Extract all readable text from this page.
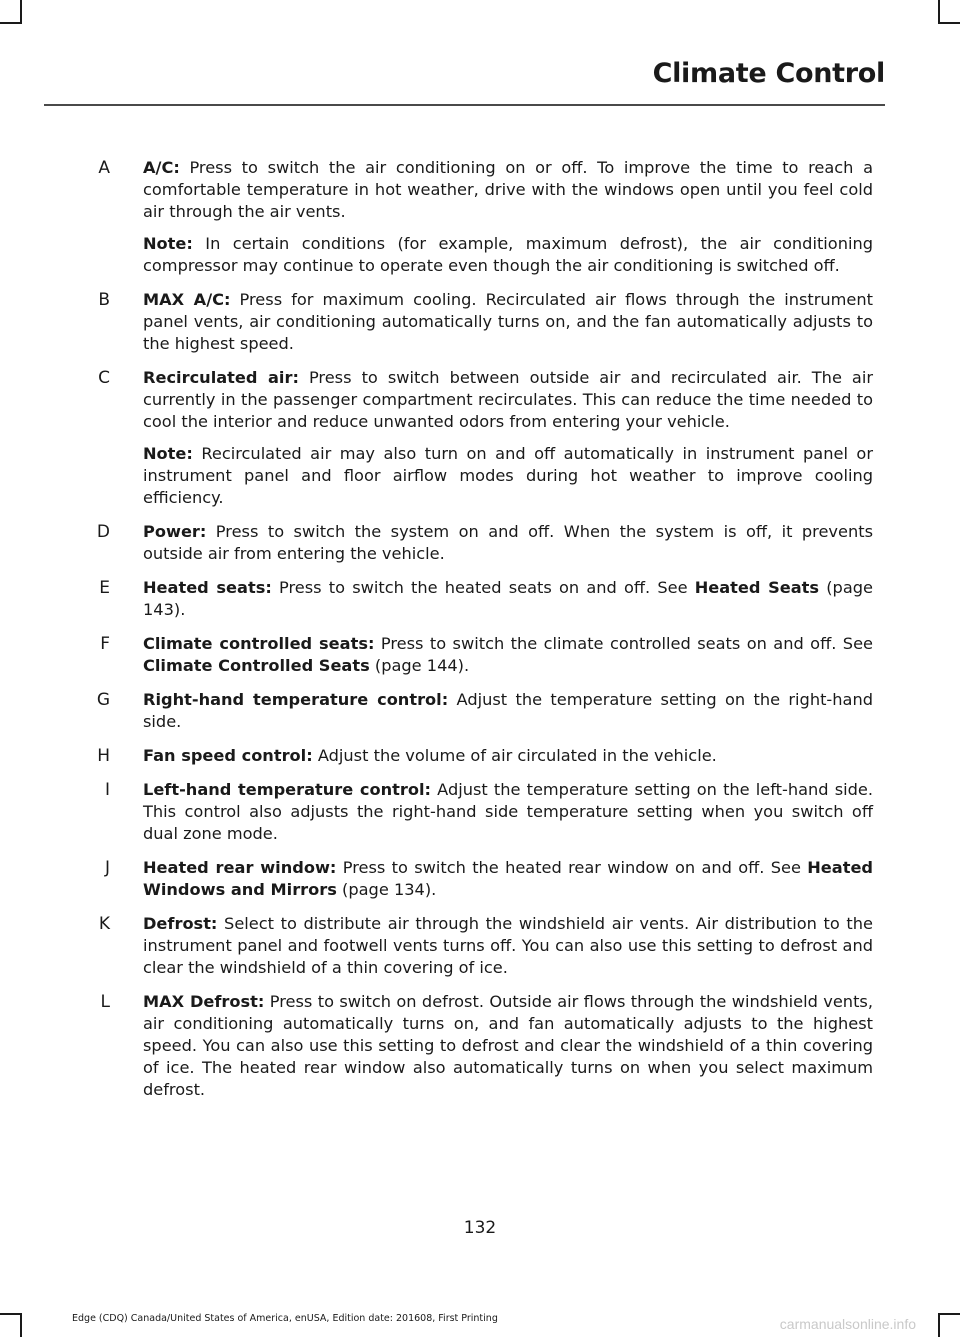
Climate Control
A A/C: Press to switch the air conditioning on or off. To improve the time to reach a comfortable temperature in hot weather, drive with the windows open until you feel cold air through the air vents.
Note: In certain conditions (for example, maximum defrost), the air conditioning compressor may continue to operate even though the air conditioning is switched off.
B MAX A/C: Press for maximum cooling. Recirculated air flows through the instrument panel vents, air conditioning automatically turns on, and the fan automatically adjusts to the highest speed.
C Recirculated air: Press to switch between outside air and recirculated air. The air currently in the passenger compartment recirculates. This can reduce the time needed to cool the interior and reduce unwanted odors from entering your vehicle.
Note: Recirculated air may also turn on and off automatically in instrument panel or instrument panel and floor airflow modes during hot weather to improve cooling efficiency.
D Power: Press to switch the system on and off. When the system is off, it prevents outside air from entering the vehicle.
E Heated seats: Press to switch the heated seats on and off. See Heated Seats (page 143).
F Climate controlled seats: Press to switch the climate controlled seats on and off. See Climate Controlled Seats (page 144).
G Right-hand temperature control: Adjust the temperature setting on the right-hand side.
H Fan speed control: Adjust the volume of air circulated in the vehicle.
I Left-hand temperature control: Adjust the temperature setting on the left-hand side. This control also adjusts the right-hand side temperature setting when you switch off dual zone mode.
J Heated rear window: Press to switch the heated rear window on and off. See Heated Windows and Mirrors (page 134).
K Defrost: Select to distribute air through the windshield air vents. Air distribution to the instrument panel and footwell vents turns off. You can also use this setting to defrost and clear the windshield of a thin covering of ice.
L MAX Defrost: Press to switch on defrost. Outside air flows through the windshield vents, air conditioning automatically turns on, and fan automatically adjusts to the highest speed. You can also use this setting to defrost and clear the windshield of a thin covering of ice. The heated rear window also automatically turns on when you select maximum defrost.
132
Edge (CDQ) Canada/United States of America, enUSA, Edition date: 201608, First Printing	carmanualsonline.info
